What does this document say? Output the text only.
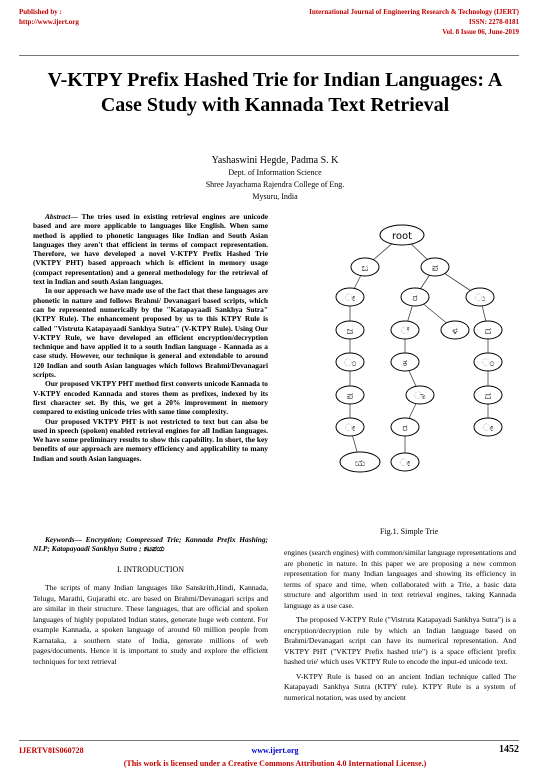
Published by :
http://www.ijert.org
International Journal of Engineering Research & Technology (IJERT)
ISSN: 2278-0181
Vol. 8 Issue 06, June-2019
V-KTPY Prefix Hashed Trie for Indian Languages: A Case Study with Kannada Text Retrieval
Yashaswini Hegde, Padma S. K
Dept. of Information Science
Shree Jayachama Rajendra College of Eng.
Mysuru, India

Abstract— The tries used in existing retrieval engines are unicode based and are more applicable to languages like English. When same method is applied to phonetic languages like Indian and South Asian languages they aren't that efficient in terms of compact representation. Therefore, we have developed a novel V-KTPY Prefix Hashed Trie (VKTPY PHT) based approach which is efficient in memory usage (compact representation) and a general methodology for the retrieval of text in Indian and south Asian languages.

In our approach we have made use of the fact that these languages are phonetic in nature and follows Brahmi/ Devanagari based scripts, which can be represented numerically by the "Katapayaadi Sankhya Sutra" (KTPY Rule). The enhancement proposed by us to this KTPY Rule is called "Vistruta Katapayaadi Sankhya Sutra" (V-KTPY Rule). Using Our V-KTPY Rule, we have developed an efficient encryption/decryption technique and have applied it to a south Indian language - Kannada as a case study. However, our technique is general and extendable to around 120 Indian and south Asian languages which follows Brahmi/Devanagari scripts.

Our proposed VKTPY PHT method first converts unicode Kannada to V-KTPY encoded Kannada and stores them as prefixes, indexed by its first character set. By this, we get a 20% improvement in memory compared to existing unicode tries with same time complexity.

Our proposed VKTPY PHT is not restricted to text but can also be used in speech (spoken) enabled retrieval engines for all Indian languages. We have some preliminary results to show this capability. In short, the key benefits of our approach are memory efficiency and applicability to many Indian and south Asian languages.

Keywords— Encryption; Compressed Trie; Kannada Prefix Hashing; NLP; Katapayaadi Sankhya Sutra ; ಕಟಪಯ

I. INTRODUCTION

The scripts of many Indian languages like Sanskrith,Hindi, Kannada, Telugu, Marathi, Gujarathi etc. are based on Brahmi/Devanagari scrips and are similar in their structure. These languages, that are official and spoken languages of highly populated Indian states, generate huge web content. For example Kannada, a spoken language of around 60 million people from Karnataka, a southern state of India, generate millions of web pages/documents. Hence it is important to study and explore the efficient techniques for text retrieval

root
ಬ	ಪ
ೕ	ರ	ು
ಜ	ೆ	ಳ	ದ
ಂ	ಕ	ಂ
ಪ	ಾ	ದ
ೕ	ರ	ೕ
ಯ	ೕ
Fig.1. Simple Trie

engines (search engines) with common/similar language representations and are phonetic in nature. In this paper we are proposing a new common representation for many Indian languages and showing its efficiency in terms of space and time, when collaborated with a Trie, a basic data structure and algorithm used in text retrieval engines, taking Kannada language as a use case.

The proposed V-KTPY Rule ("Vistruta Katapayadi Sankhya Sutra") is a encryption/decryption rule by which an Indian language based on Brahmi/Devanagari script can have its numerical representation. And VKTPY PHT ("VKTPY Prefix hashed trie") is a space efficient 'prefix hashed trie' which uses VKTPY Rule to encode the input-ed unicode text.

V-KTPY Rule is based on an ancient Indian technique called The Katapayadi Sankhya Sutra (KTPY rule). KTPY Rule is a system of numerical notation, was used by ancient

IJERTV8IS060728	www.ijert.org	1452
(This work is licensed under a Creative Commons Attribution 4.0 International License.)
